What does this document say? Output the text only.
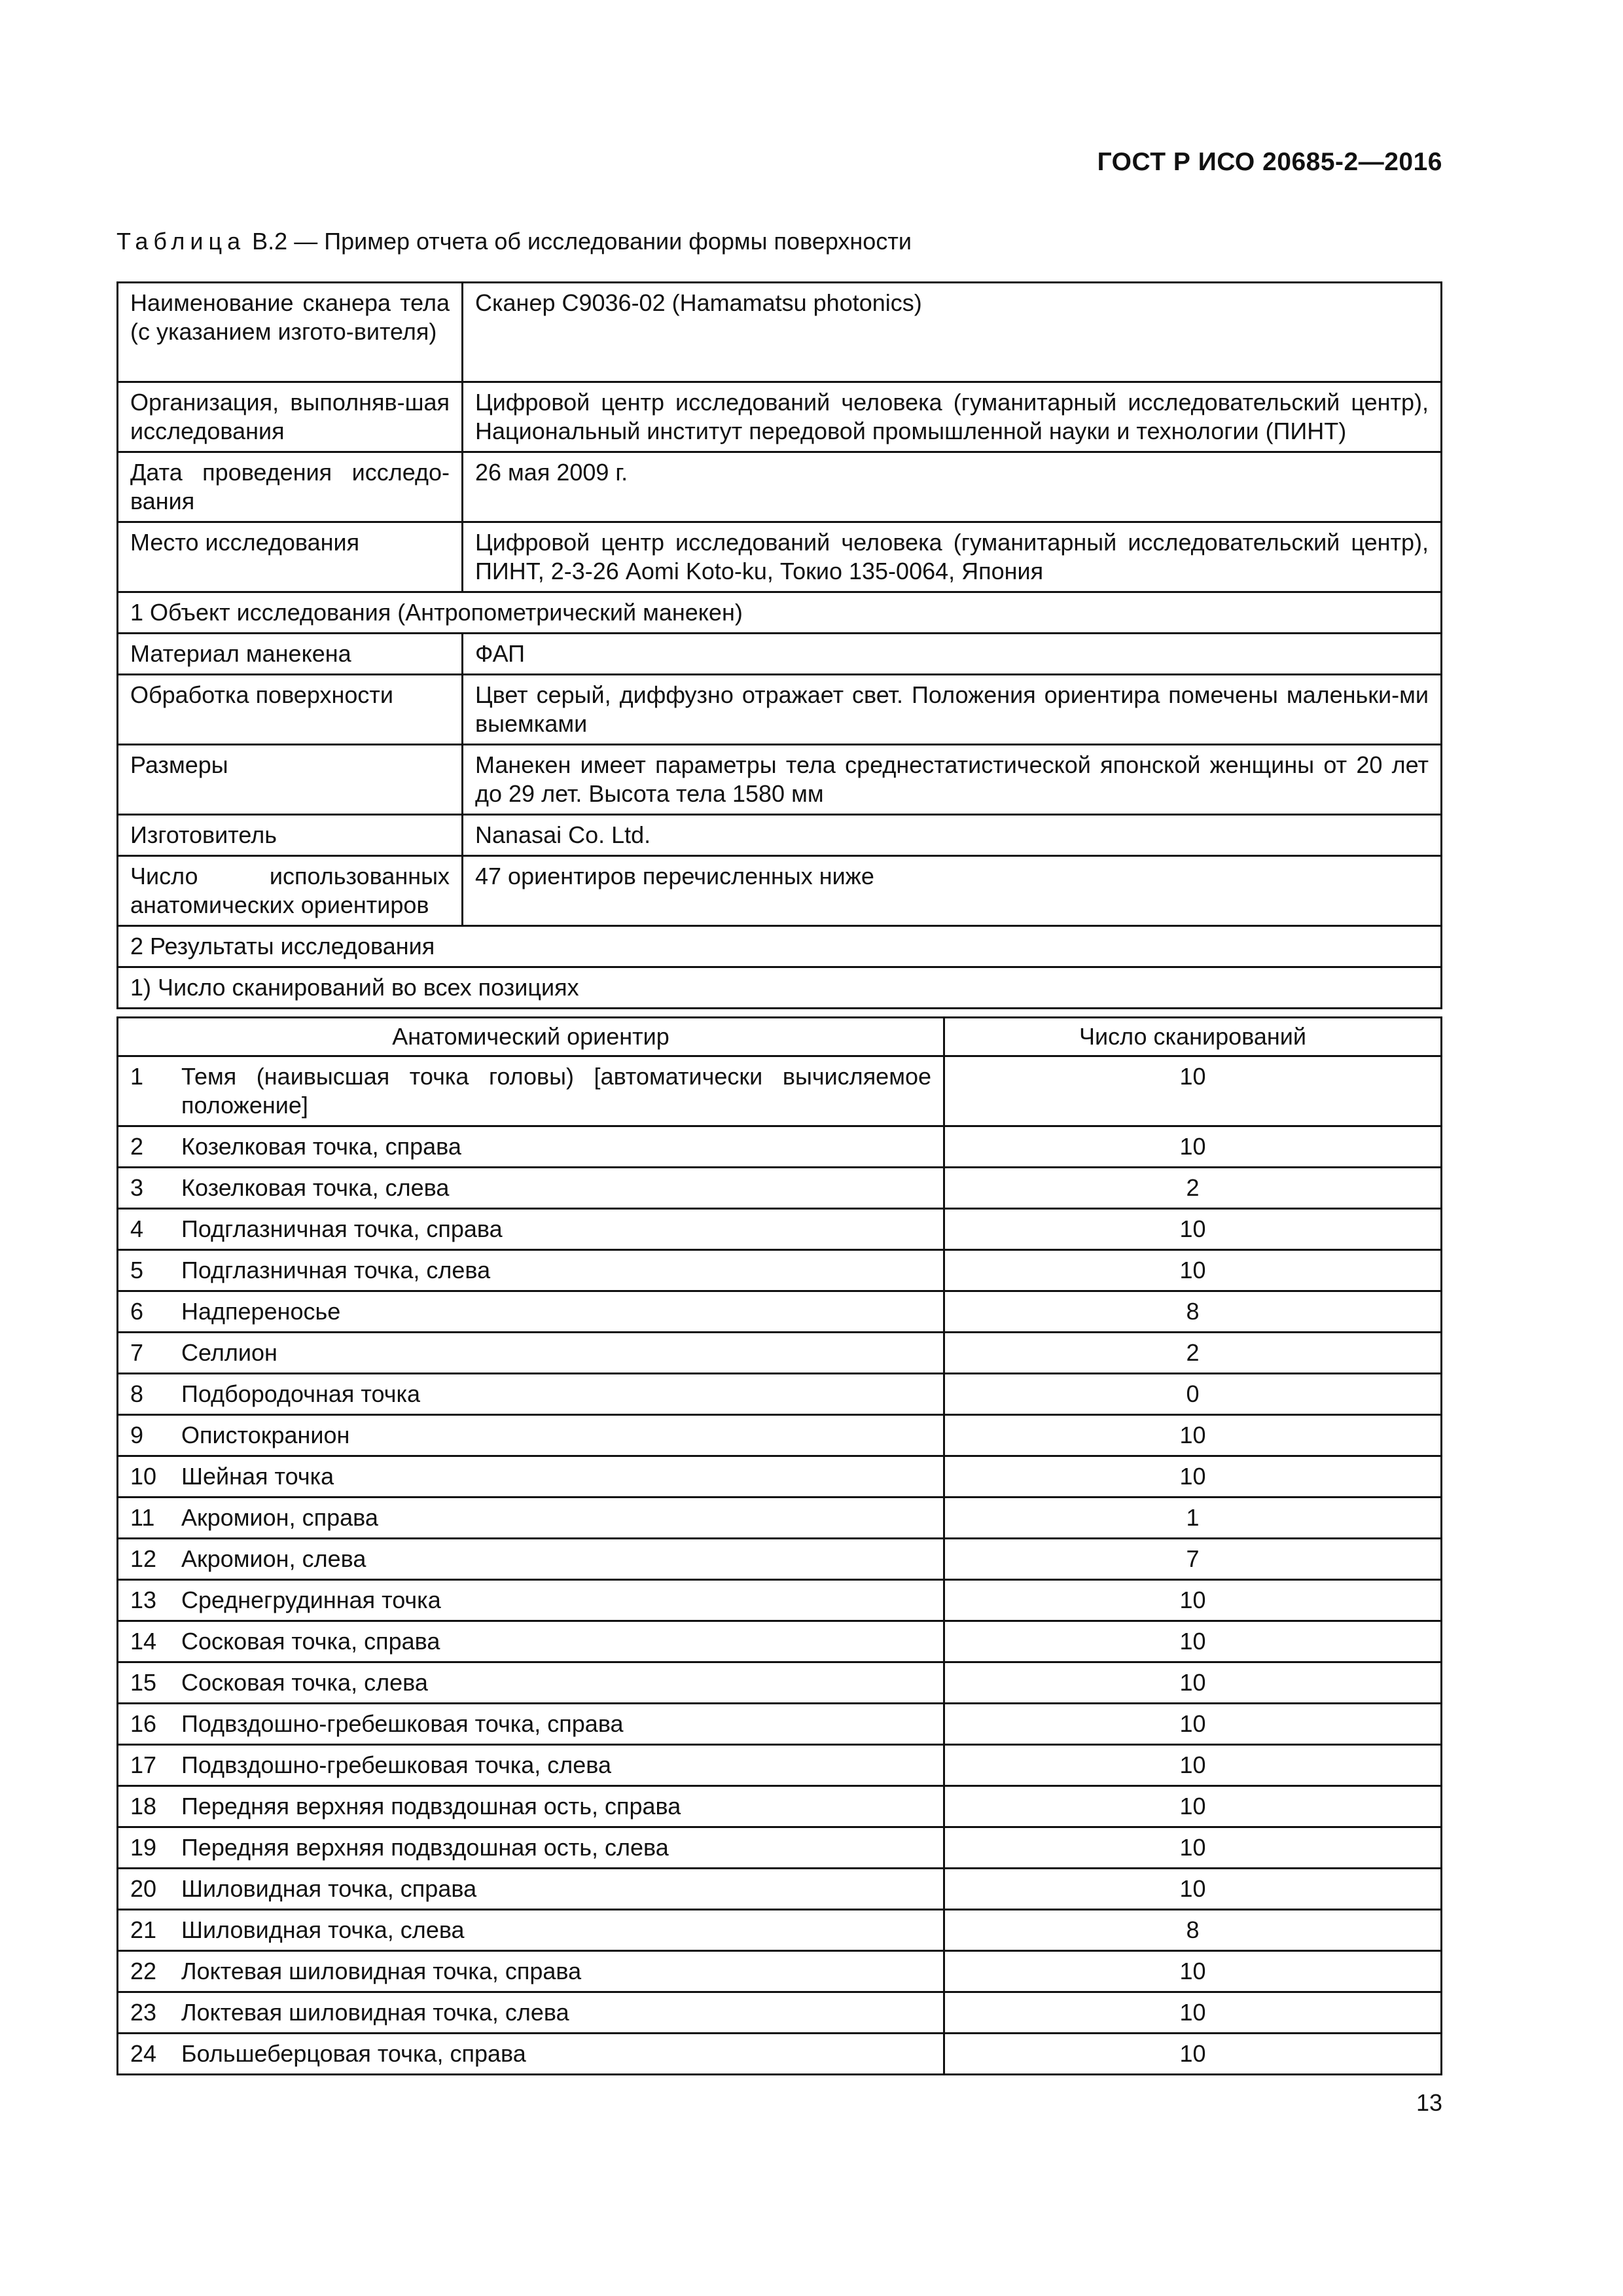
ГОСТ Р ИСО 20685-2—2016
Таблица В.2 — Пример отчета об исследовании формы поверхности
Наименование сканера тела (с указанием изгото-вителя)	Сканер C9036-02 (Hamamatsu photonics)
Организация, выполняв-шая исследования	Цифровой центр исследований человека (гуманитарный исследовательский центр), Национальный институт передовой промышленной науки и технологии (ПИНТ)
Дата проведения исследо-вания	26 мая 2009 г.
Место исследования	Цифровой центр исследований человека (гуманитарный исследовательский центр), ПИНТ, 2-3-26 Aomi Koto-ku, Токио 135-0064, Япония
1 Объект исследования (Антропометрический манекен)	
Материал манекена	ФАП
Обработка поверхности	Цвет серый, диффузно отражает свет. Положения ориентира помечены маленьки-ми выемками
Размеры	Манекен имеет параметры тела среднестатистической японской женщины от 20 лет до 29 лет. Высота тела 1580 мм
Изготовитель	Nanasai Co. Ltd.
Число использованных анатомических ориентиров	47 ориентиров перечисленных ниже
2 Результаты исследования	
1) Число сканирований во всех позициях	
Анатомический ориентир		Число сканирований
1	Темя (наивысшая точка головы) [автоматически вычисляемое положение]	10
2	Козелковая точка, справа	10
3	Козелковая точка, слева	2
4	Подглазничная точка, справа	10
5	Подглазничная точка, слева	10
6	Надпереносье	8
7	Селлион	2
8	Подбородочная точка	0
9	Опистокранион	10
10	Шейная точка	10
11	Акромион, справа	1
12	Акромион, слева	7
13	Среднегрудинная точка	10
14	Сосковая точка, справа	10
15	Сосковая точка, слева	10
16	Подвздошно-гребешковая точка, справа	10
17	Подвздошно-гребешковая точка, слева	10
18	Передняя верхняя подвздошная ость, справа	10
19	Передняя верхняя подвздошная ость, слева	10
20	Шиловидная точка, справа	10
21	Шиловидная точка, слева	8
22	Локтевая шиловидная точка, справа	10
23	Локтевая шиловидная точка, слева	10
24	Большеберцовая точка, справа	10
13
